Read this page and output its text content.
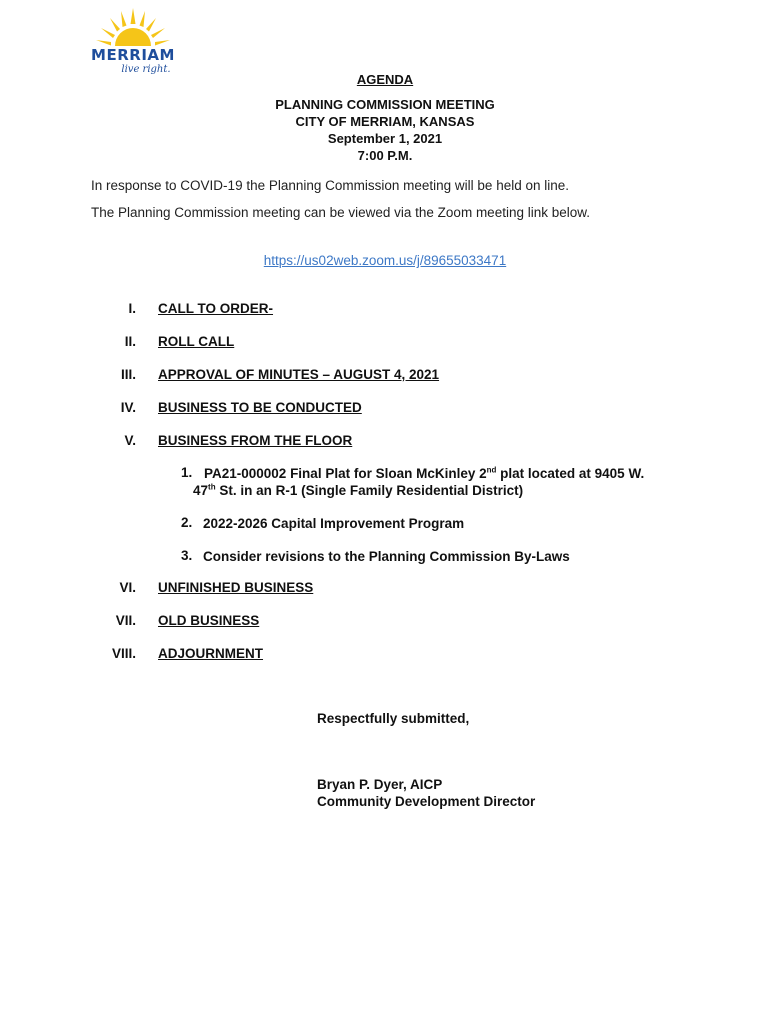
MERRIAM
live right.
AGENDA
PLANNING COMMISSION MEETING
CITY OF MERRIAM, KANSAS
September 1, 2021
7:00 P.M.
In response to COVID-19 the Planning Commission meeting will be held on line.
The Planning Commission meeting can be viewed via the Zoom meeting link below.
https://us02web.zoom.us/j/89655033471
I. CALL TO ORDER-
II. ROLL CALL
III. APPROVAL OF MINUTES – AUGUST 4, 2021
IV. BUSINESS TO BE CONDUCTED
V. BUSINESS FROM THE FLOOR
1. PA21-000002 Final Plat for Sloan McKinley 2nd plat located at 9405 W.
47th St. in an R-1 (Single Family Residential District)
2. 2022-2026 Capital Improvement Program
3. Consider revisions to the Planning Commission By-Laws
VI. UNFINISHED BUSINESS
VII. OLD BUSINESS
VIII. ADJOURNMENT
Respectfully submitted,
Bryan P. Dyer, AICP
Community Development Director
